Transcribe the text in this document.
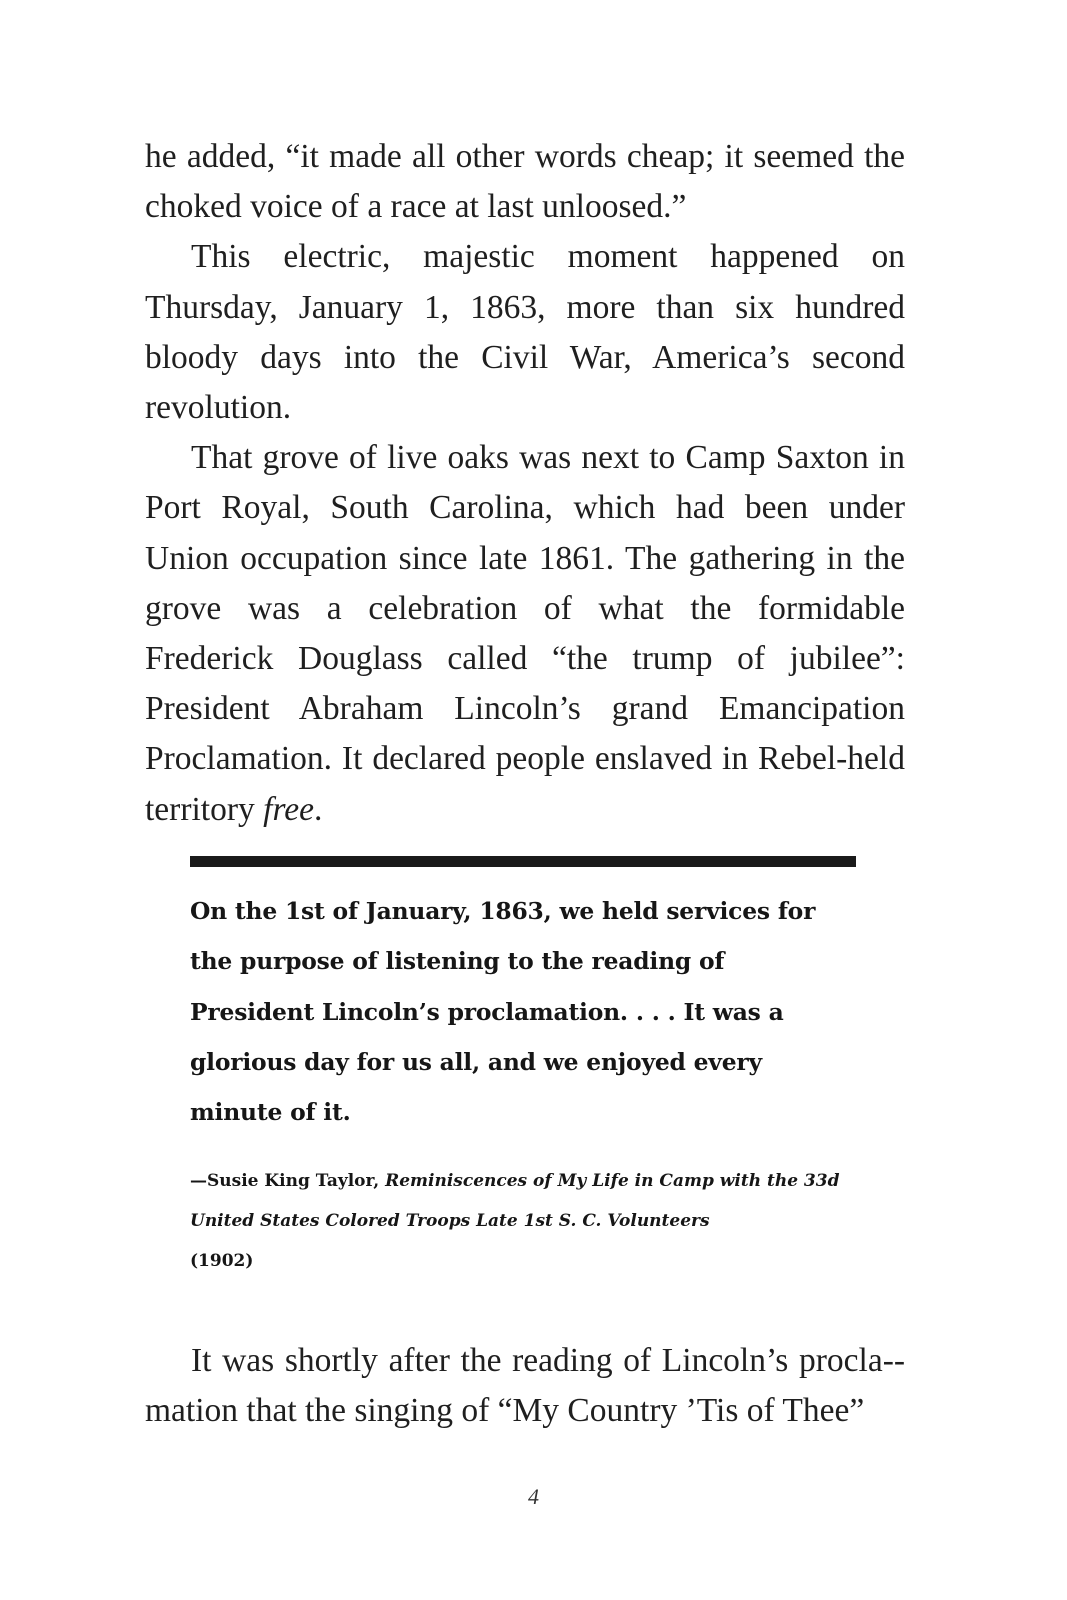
he added, “it made all other words cheap; it seemed the choked voice of a race at last unloosed.”

This electric, majestic moment happened on Thursday, January 1, 1863, more than six hundred bloody days into the Civil War, America’s second revolution.

That grove of live oaks was next to Camp Saxton in Port Royal, South Carolina, which had been under Union occupation since late 1861. The gathering in the grove was a celebration of what the formidable Frederick Douglass called “the trump of jubilee”: President Abraham Lincoln’s grand Emancipation Proclamation. It declared people enslaved in Rebel-held territory free.

On the 1st of January, 1863, we held services for the purpose of listening to the reading of President Lincoln’s proclamation. . . . It was a glorious day for us all, and we enjoyed every minute of it.

—Susie King Taylor, Reminiscences of My Life in Camp with the 33d United States Colored Troops Late 1st S. C. Volunteers
(1902)

It was shortly after the reading of Lincoln’s procla-mation that the singing of “My Country ’Tis of Thee”

4
